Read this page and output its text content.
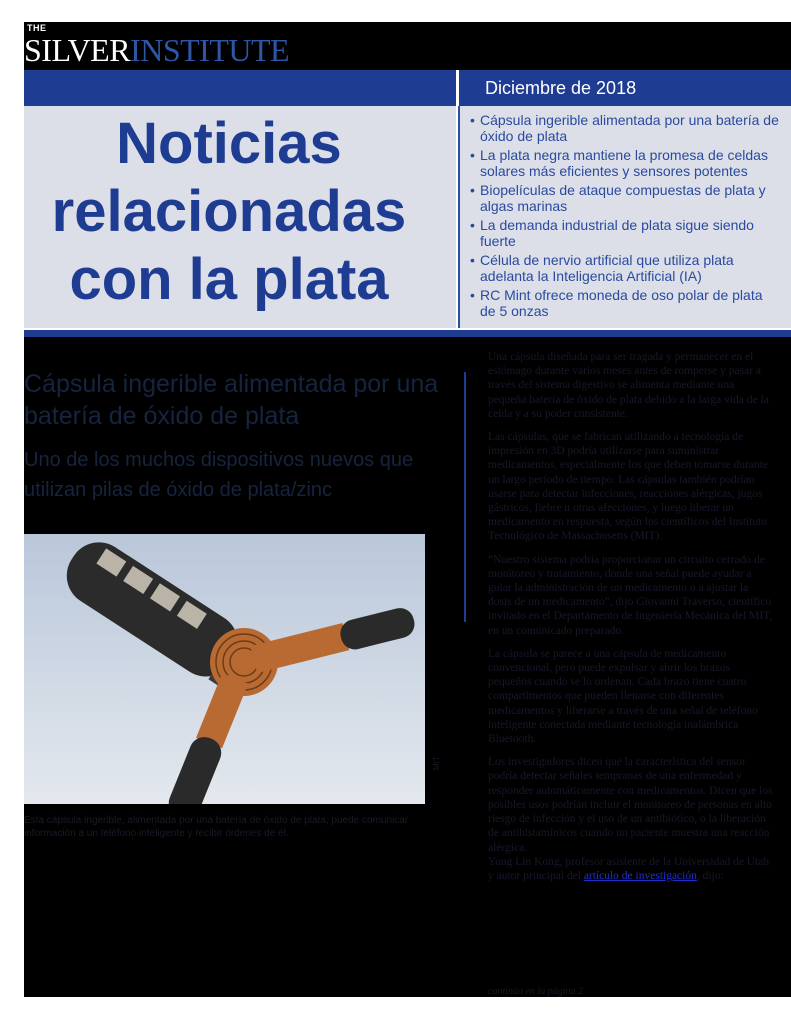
THE
SILVERINSTITUTE
Diciembre de 2018
Noticias
relacionadas
con la plata
• Cápsula ingerible alimentada por una batería de óxido de plata
• La plata negra mantiene la promesa de celdas solares más eficientes y sensores potentes
• Biopelículas de ataque compuestas de plata y algas marinas
• La demanda industrial de plata sigue siendo fuerte
• Célula de nervio artificial que utiliza plata adelanta la Inteligencia Artificial (IA)
• RC Mint ofrece moneda de oso polar de plata de 5 onzas
Cápsula ingerible alimentada por una batería de óxido de plata
Uno de los muchos dispositivos nuevos que utilizan pilas de óxido de plata/zinc
MIT
Esta cápsula ingerible, alimentada por una batería de óxido de plata, puede comunicar información a un teléfono inteligente y recibir órdenes de él.

Una cápsula diseñada para ser tragada y permanecer en el estómago durante varios meses antes de romperse y pasar a través del sistema digestivo se alimenta mediante una pequeña batería de óxido de plata debido a la larga vida de la celda y a su poder consistente.

Las cápsulas, que se fabrican utilizando a tecnología de impresión en 3D podría utilizarse para suministrar medicamentos, especialmente los que deben tomarse durante un largo período de tiempo. Las cápsulas también podrían usarse para detectar infecciones, reacciones alérgicas, jugos gástricos, fiebre u otras afecciones, y luego liberar un medicamento en respuesta, según los científicos del Instituto Tecnológico de Massachusetts (MIT).

“Nuestro sistema podría proporcionar un circuito cerrado de monitoreo y tratamiento, donde una señal puede ayudar a guiar la administración de un medicamento o a ajustar la dosis de un medicamento”, dijo Giovanni Traverso, científico invitado en el Departamento de Ingeniería Mecánica del MIT, en un comunicado preparado.

La cápsula se parece a una cápsula de medicamento convencional, pero puede expulsar y abrir los brazos pequeños cuando se lo ordenan. Cada brazo tiene cuatro compartimentos que pueden llenarse con diferentes medicamentos y liberarse a través de una señal de teléfono inteligente conectada mediante tecnología inalámbrica Bluetooth.

Los investigadores dicen que la característica del sensor podría detectar señales tempranas de una enfermedad y responder automáticamente con medicamentos. Dicen que los posibles usos podrían incluir el monitoreo de personas en alto riesgo de infección y el uso de un antibiótico, o la liberación de antihistamínicos cuando un paciente muestra una reacción alérgica.

Yong Lin Kong, profesor asistente de la Universidad de Utah y autor principal del artículo de investigación, dijo:

continúa en la página 2
